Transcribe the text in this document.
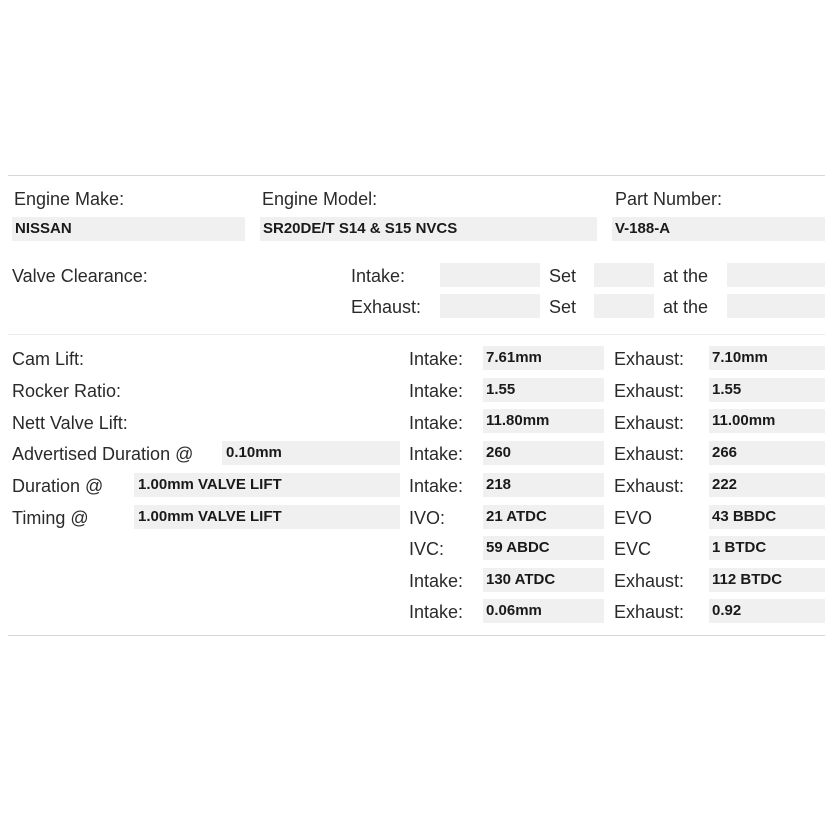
Engine Make:
NISSAN
Engine Model:
SR20DE/T S14 & S15 NVCS
Part Number:
V-188-A
Valve Clearance:	Intake:	Set	at the
Exhaust:	Set	at the
Cam Lift:	Intake: 7.61mm	Exhaust: 7.10mm
Rocker Ratio:	Intake: 1.55	Exhaust: 1.55
Nett Valve Lift:	Intake: 11.80mm	Exhaust: 11.00mm
Advertised Duration @ 0.10mm	Intake: 260	Exhaust: 266
Duration @ 1.00mm VALVE LIFT	Intake: 218	Exhaust: 222
Timing @	1.00mm VALVE LIFT	IVO:	21 ATDC	EVO	43 BBDC
IVC:	59 ABDC	EVC	1 BTDC
Intake: 130 ATDC	Exhaust: 112 BTDC
Intake: 0.06mm	Exhaust: 0.92
